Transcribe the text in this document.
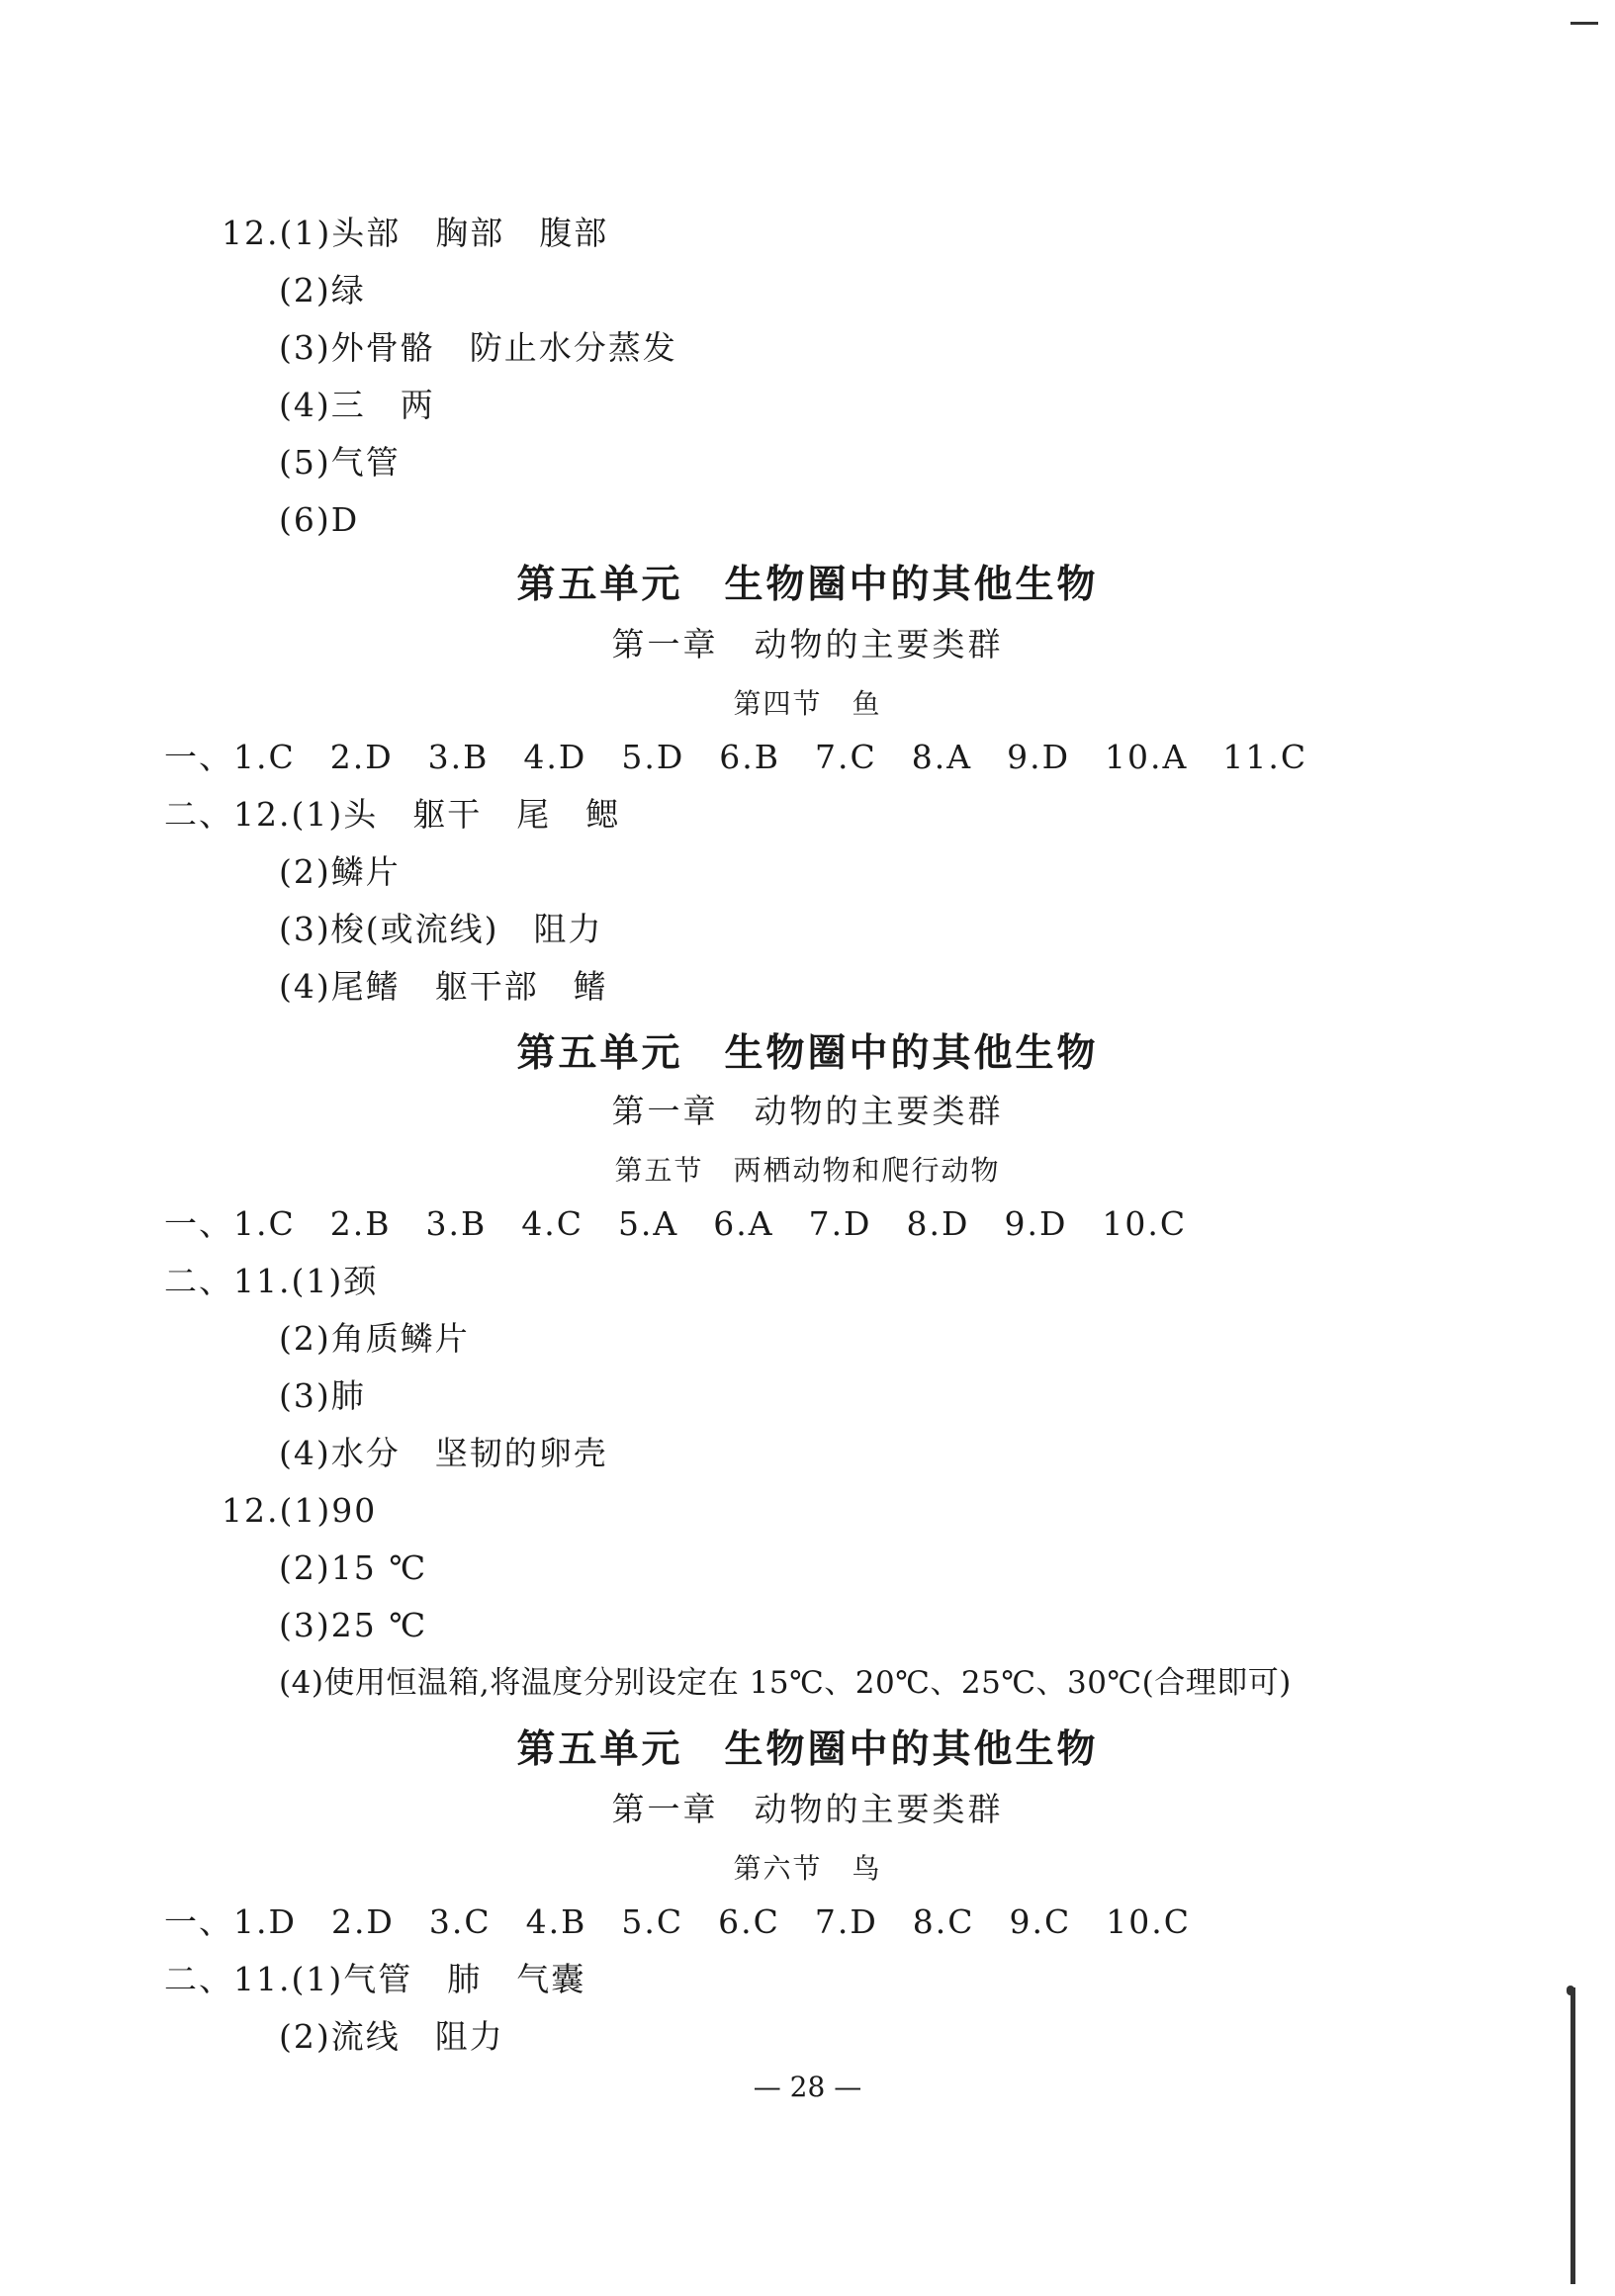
12.(1)头部　胸部　腹部
(2)绿
(3)外骨骼　防止水分蒸发
(4)三　两
(5)气管
(6)D
第五单元　生物圈中的其他生物
第一章　动物的主要类群
第四节　鱼
一、1.C　2.D　3.B　4.D　5.D　6.B　7.C　8.A　9.D　10.A　11.C
二、12.(1)头　躯干　尾　鳃
(2)鳞片
(3)梭(或流线)　阻力
(4)尾鳍　躯干部　鳍
第五单元　生物圈中的其他生物
第一章　动物的主要类群
第五节　两栖动物和爬行动物
一、1.C　2.B　3.B　4.C　5.A　6.A　7.D　8.D　9.D　10.C
二、11.(1)颈
(2)角质鳞片
(3)肺
(4)水分　坚韧的卵壳
12.(1)90
(2)15 ℃
(3)25 ℃
(4)使用恒温箱,将温度分别设定在 15℃、20℃、25℃、30℃(合理即可)
第五单元　生物圈中的其他生物
第一章　动物的主要类群
第六节　鸟
一、1.D　2.D　3.C　4.B　5.C　6.C　7.D　8.C　9.C　10.C
二、11.(1)气管　肺　气囊
(2)流线　阻力
— 28 —
